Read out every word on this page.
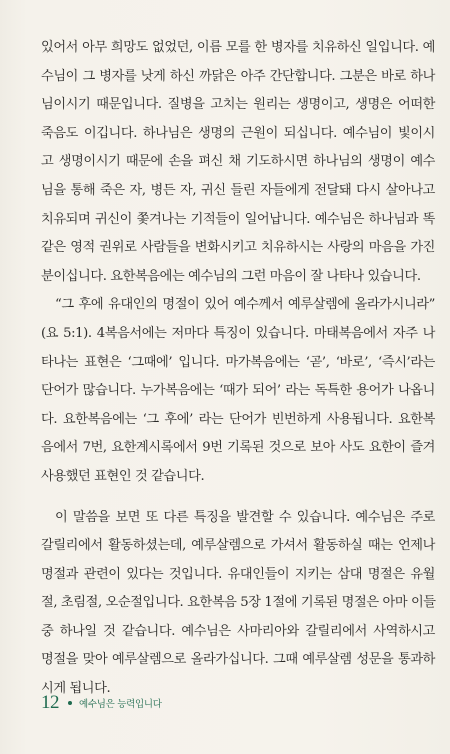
있어서 아무 희망도 없었던, 이름 모를 한 병자를 치유하신 일입니다. 예
수님이 그 병자를 낫게 하신 까닭은 아주 간단합니다. 그분은 바로 하나
님이시기 때문입니다. 질병을 고치는 원리는 생명이고, 생명은 어떠한
죽음도 이깁니다. 하나님은 생명의 근원이 되십니다. 예수님이 빛이시
고 생명이시기 때문에 손을 펴신 채 기도하시면 하나님의 생명이 예수
님을 통해 죽은 자, 병든 자, 귀신 들린 자들에게 전달돼 다시 살아나고
치유되며 귀신이 쫓겨나는 기적들이 일어납니다. 예수님은 하나님과 똑
같은 영적 권위로 사람들을 변화시키고 치유하시는 사랑의 마음을 가진
분이십니다. 요한복음에는 예수님의 그런 마음이 잘 나타나 있습니다.
“그 후에 유대인의 명절이 있어 예수께서 예루살렘에 올라가시니라”
(요 5:1). 4복음서에는 저마다 특징이 있습니다. 마태복음에서 자주 나
타나는 표현은 ‘그때에’ 입니다. 마가복음에는 ‘곧’, ‘바로’, ‘즉시’라는
단어가 많습니다. 누가복음에는 ‘때가 되어’ 라는 독특한 용어가 나옵니
다. 요한복음에는 ‘그 후에’ 라는 단어가 빈번하게 사용됩니다. 요한복
음에서 7번, 요한계시록에서 9번 기록된 것으로 보아 사도 요한이 즐겨
사용했던 표현인 것 같습니다.
이 말씀을 보면 또 다른 특징을 발견할 수 있습니다. 예수님은 주로
갈릴리에서 활동하셨는데, 예루살렘으로 가셔서 활동하실 때는 언제나
명절과 관련이 있다는 것입니다. 유대인들이 지키는 삼대 명절은 유월
절, 초림절, 오순절입니다. 요한복음 5장 1절에 기록된 명절은 아마 이들
중 하나일 것 같습니다. 예수님은 사마리아와 갈릴리에서 사역하시고
명절을 맞아 예루살렘으로 올라가십니다. 그때 예루살렘 성문을 통과하
시게 됩니다.
12 예수님은 능력입니다
